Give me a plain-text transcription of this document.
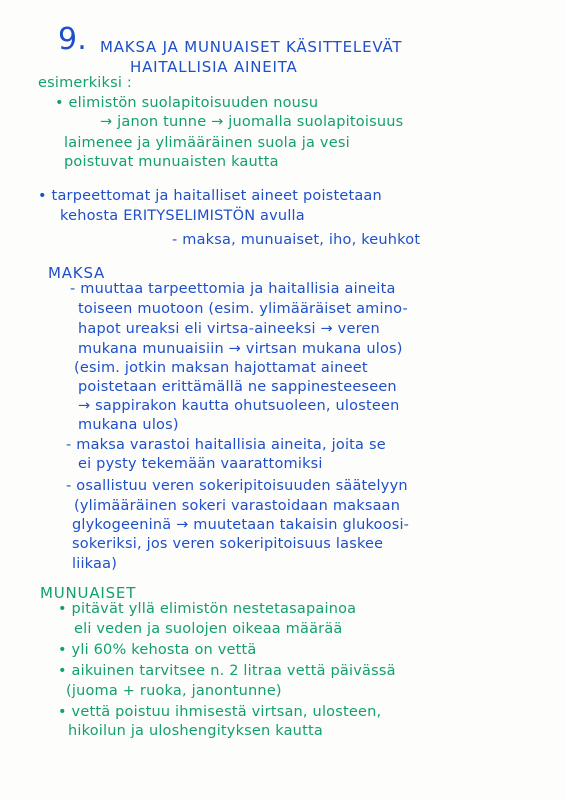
9. MAKSA JA MUNUAISET KÄSITTELEVÄT
HAITALLISIA AINEITA
esimerkiksi :
• elimistön suolapitoisuuden nousu
→ janon tunne → juomalla suolapitoisuus
laimenee ja ylimääräinen suola ja vesi
poistuvat munuaisten kautta
• tarpeettomat ja haitalliset aineet poistetaan
kehosta ERITYSELIMISTÖN avulla
- maksa, munuaiset, iho, keuhkot
MAKSA
- muuttaa tarpeettomia ja haitallisia aineita
toiseen muotoon (esim. ylimääräiset amino-
hapot ureaksi eli virtsa-aineeksi → veren
mukana munuaisiin → virtsan mukana ulos)
(esim. jotkin maksan hajottamat aineet
poistetaan erittämällä ne sappinesteeseen
→ sappirakon kautta ohutsuoleen, ulosteen
mukana ulos)
- maksa varastoi haitallisia aineita, joita se
ei pysty tekemään vaarattomiksi
- osallistuu veren sokeripitoisuuden säätelyyn
(ylimääräinen sokeri varastoidaan maksaan
glykogeeninä → muutetaan takaisin glukoosi-
sokeriksi, jos veren sokeripitoisuus laskee
liikaa)
MUNUAISET
• pitävät yllä elimistön nestetasapainoa
eli veden ja suolojen oikeaa määrää
• yli 60% kehosta on vettä
• aikuinen tarvitsee n. 2 litraa vettä päivässä
(juoma + ruoka, janontunne)
• vettä poistuu ihmisestä virtsan, ulosteen,
hikoilun ja uloshengityksen kautta
